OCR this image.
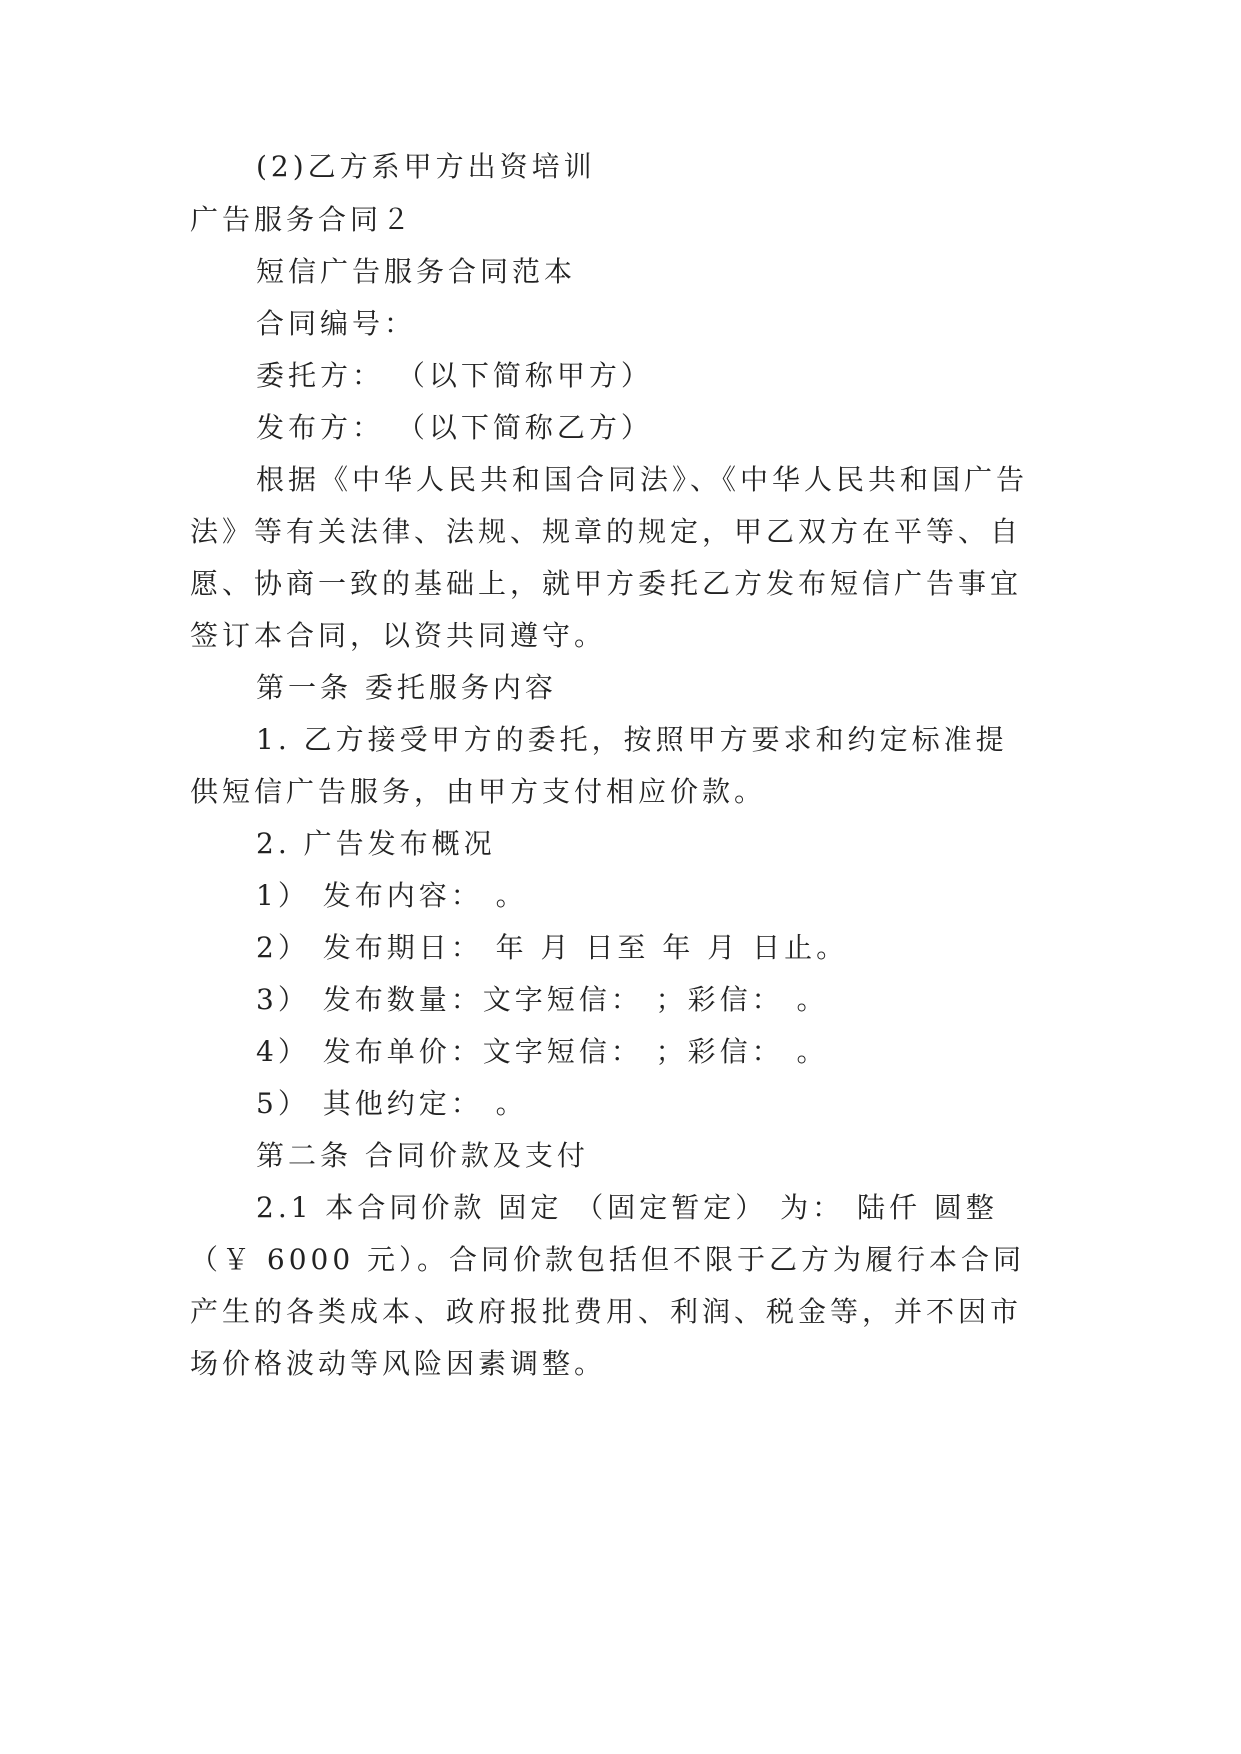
(2)乙方系甲方出资培训
广告服务合同２
短信广告服务合同范本
合同编号：
委托方： （以下简称甲方）
发布方： （以下简称乙方）
根据《中华人民共和国合同法》、《中华人民共和国广告
法》等有关法律、法规、规章的规定，甲乙双方在平等、自
愿、协商一致的基础上，就甲方委托乙方发布短信广告事宜
签订本合同，以资共同遵守。
第一条 委托服务内容
1. 乙方接受甲方的委托，按照甲方要求和约定标准提
供短信广告服务，由甲方支付相应价款。
2. 广告发布概况
1） 发布内容： 。
2） 发布期日： 年 月 日至 年 月 日止。
3） 发布数量：文字短信： ；彩信： 。
4） 发布单价：文字短信： ；彩信： 。
5） 其他约定： 。
第二条 合同价款及支付
2.1 本合同价款 固定 （固定暂定） 为： 陆仟 圆整
（￥ 6000 元）。合同价款包括但不限于乙方为履行本合同
产生的各类成本、政府报批费用、利润、税金等，并不因市
场价格波动等风险因素调整。
